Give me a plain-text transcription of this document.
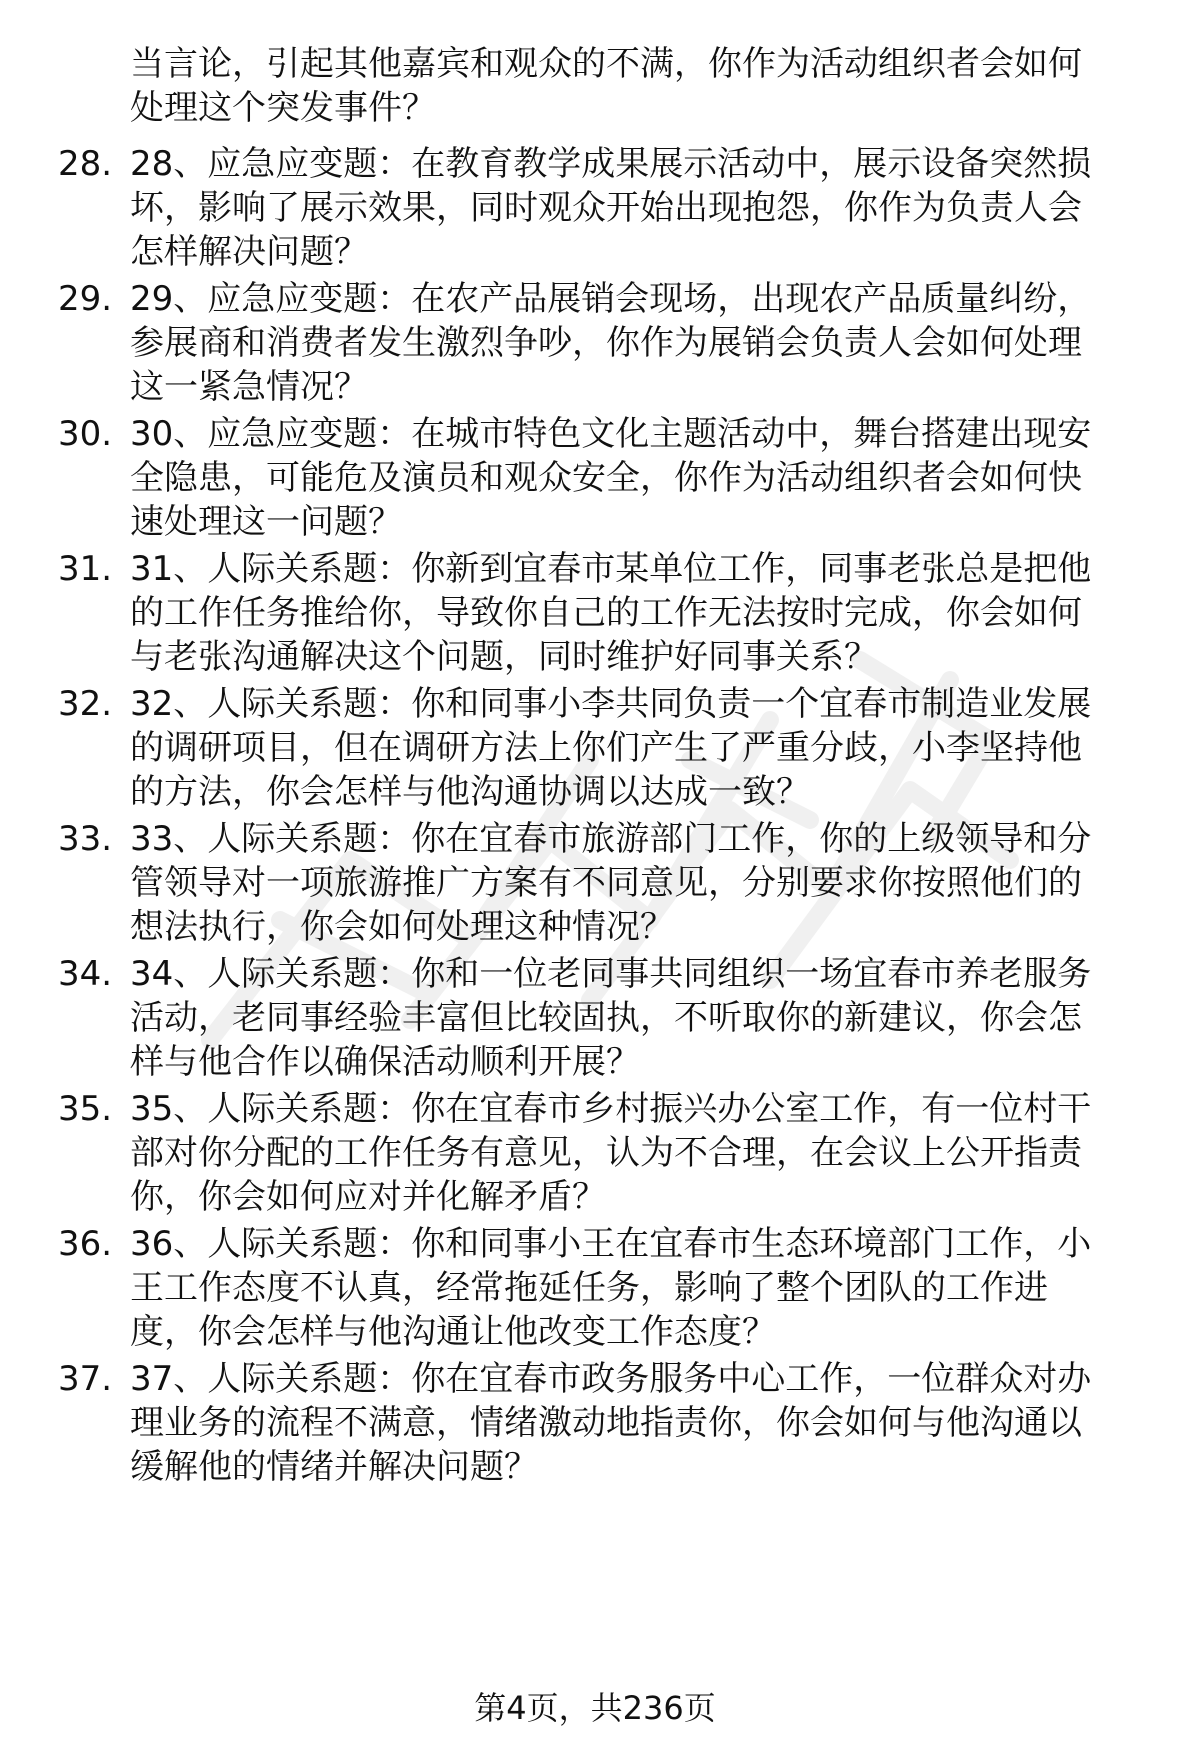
当言论，引起其他嘉宾和观众的不满，你作为活动组织者会如何
处理这个突发事件？
28. 28、应急应变题：在教育教学成果展示活动中，展示设备突然损
坏，影响了展示效果，同时观众开始出现抱怨，你作为负责人会
怎样解决问题？
29. 29、应急应变题：在农产品展销会现场，出现农产品质量纠纷，
参展商和消费者发生激烈争吵，你作为展销会负责人会如何处理
这一紧急情况？
30. 30、应急应变题：在城市特色文化主题活动中，舞台搭建出现安
全隐患，可能危及演员和观众安全，你作为活动组织者会如何快
速处理这一问题？
31. 31、人际关系题：你新到宜春市某单位工作，同事老张总是把他
的工作任务推给你，导致你自己的工作无法按时完成，你会如何
与老张沟通解决这个问题，同时维护好同事关系？
32. 32、人际关系题：你和同事小李共同负责一个宜春市制造业发展
的调研项目，但在调研方法上你们产生了严重分歧，小李坚持他
的方法，你会怎样与他沟通协调以达成一致？
33. 33、人际关系题：你在宜春市旅游部门工作，你的上级领导和分
管领导对一项旅游推广方案有不同意见，分别要求你按照他们的
想法执行，你会如何处理这种情况？
34. 34、人际关系题：你和一位老同事共同组织一场宜春市养老服务
活动，老同事经验丰富但比较固执，不听取你的新建议，你会怎
样与他合作以确保活动顺利开展？
35. 35、人际关系题：你在宜春市乡村振兴办公室工作，有一位村干
部对你分配的工作任务有意见，认为不合理，在会议上公开指责
你，你会如何应对并化解矛盾？
36. 36、人际关系题：你和同事小王在宜春市生态环境部门工作，小
王工作态度不认真，经常拖延任务，影响了整个团队的工作进
度，你会怎样与他沟通让他改变工作态度？
37. 37、人际关系题：你在宜春市政务服务中心工作，一位群众对办
理业务的流程不满意，情绪激动地指责你，你会如何与他沟通以
缓解他的情绪并解决问题？
第4页，共236页
